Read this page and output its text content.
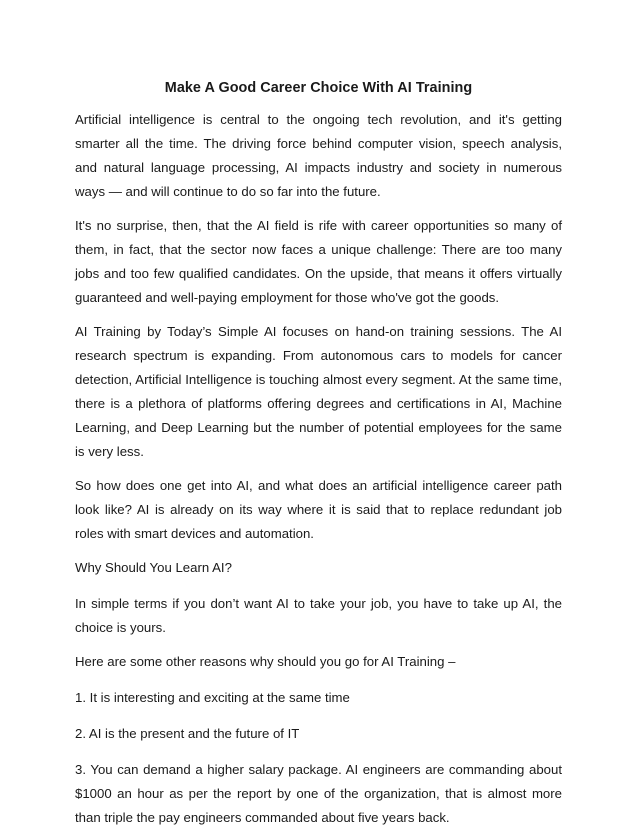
Make A Good Career Choice With AI Training

Artificial intelligence is central to the ongoing tech revolution, and it's getting smarter all the time. The driving force behind computer vision, speech analysis, and natural language processing, AI impacts industry and society in numerous ways — and will continue to do so far into the future.

It's no surprise, then, that the AI field is rife with career opportunities so many of them, in fact, that the sector now faces a unique challenge: There are too many jobs and too few qualified candidates. On the upside, that means it offers virtually guaranteed and well-paying employment for those who've got the goods.

AI Training by Today’s Simple AI focuses on hand-on training sessions. The AI research spectrum is expanding. From autonomous cars to models for cancer detection, Artificial Intelligence is touching almost every segment. At the same time, there is a plethora of platforms offering degrees and certifications in AI, Machine Learning, and Deep Learning but the number of potential employees for the same is very less.

So how does one get into AI, and what does an artificial intelligence career path look like? AI is already on its way where it is said that to replace redundant job roles with smart devices and automation.

Why Should You Learn AI?

In simple terms if you don’t want AI to take your job, you have to take up AI, the choice is yours.

Here are some other reasons why should you go for AI Training –

1. It is interesting and exciting at the same time

2. AI is the present and the future of IT

3. You can demand a higher salary package. AI engineers are commanding about $1000 an hour as per the report by one of the organization, that is almost more than triple the pay engineers commanded about five years back.
